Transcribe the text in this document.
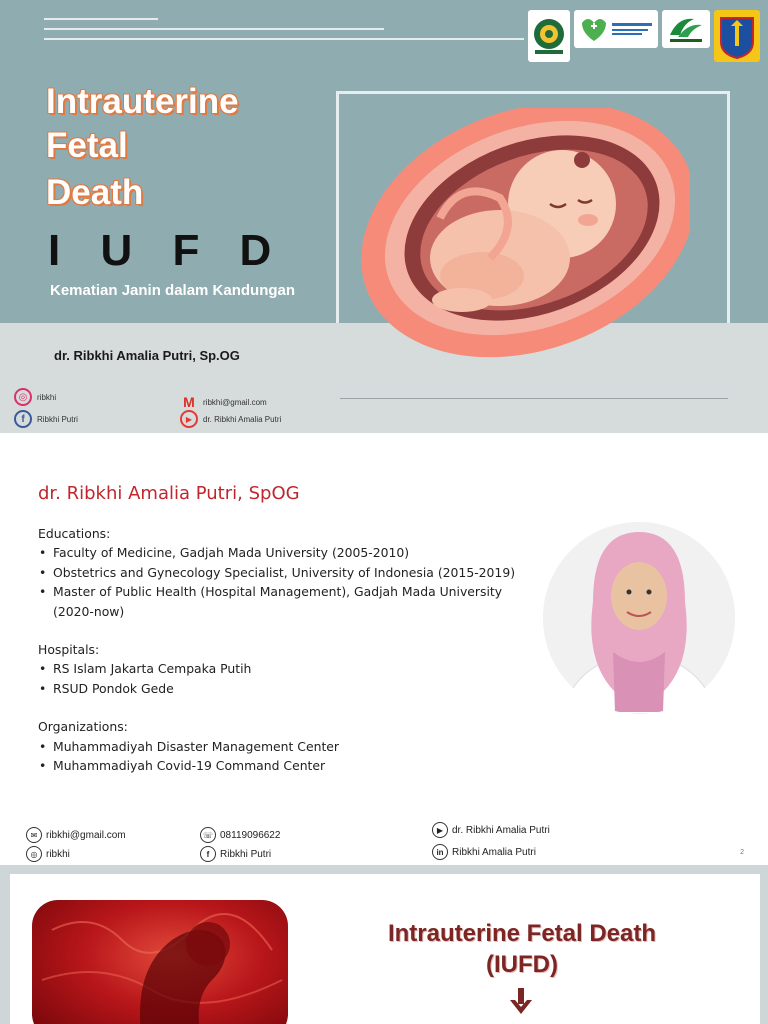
Intrauterine
Fetal
Death
I U F D
Kematian Janin dalam Kandungan
dr. Ribkhi Amalia Putri, Sp.OG
◎	ribkhi
f	Ribkhi Putri
M	ribkhi@gmail.com
▶	dr. Ribkhi Amalia Putri
dr. Ribkhi Amalia Putri, SpOG
Educations:
• Faculty of Medicine, Gadjah Mada University (2005-2010)
• Obstetrics and Gynecology Specialist, University of Indonesia (2015-2019)
• Master of Public Health (Hospital Management), Gadjah Mada University (2020-now)
Hospitals:
• RS Islam Jakarta Cempaka Putih
• RSUD Pondok Gede
Organizations:
• Muhammadiyah Disaster Management Center
• Muhammadiyah Covid-19 Command Center
✉ ribkhi@gmail.com
◎ ribkhi
☏ 08119096622
f	Ribkhi Putri
▶ dr. Ribkhi Amalia Putri
in Ribkhi Amalia Putri	2
Intrauterine Fetal Death
(IUFD)
